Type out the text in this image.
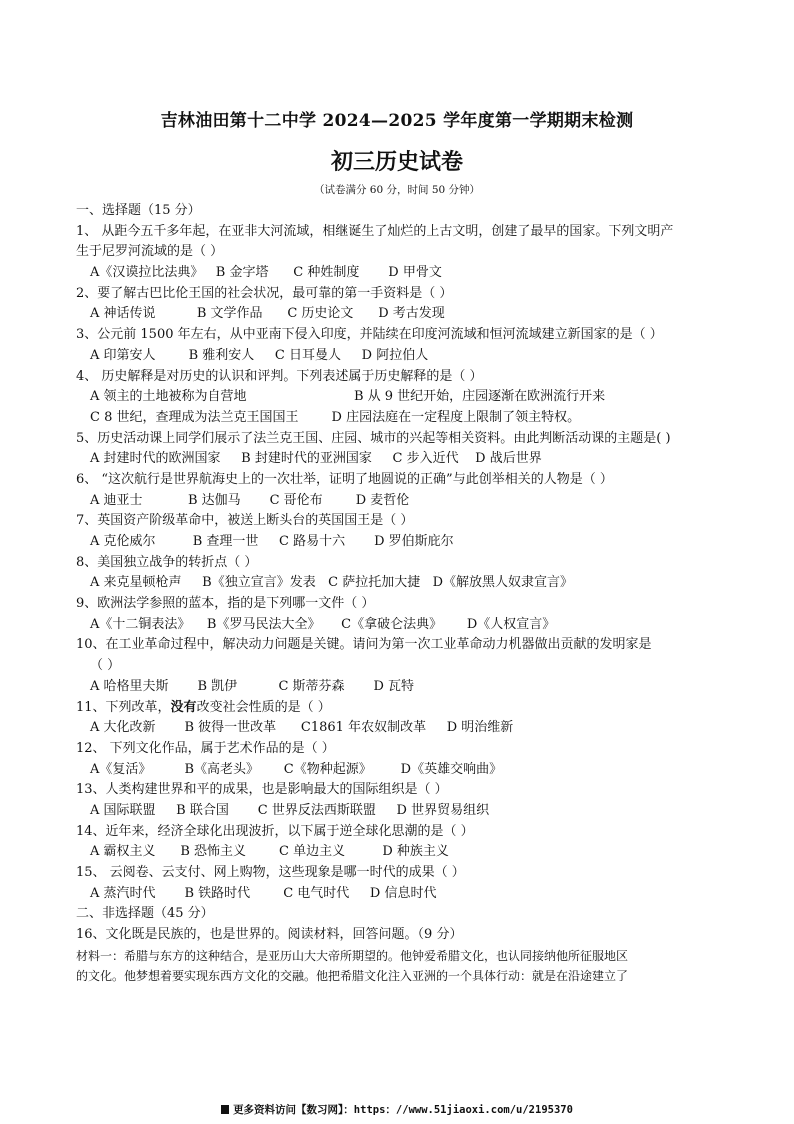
吉林油田第十二中学 2024—2025 学年度第一学期期末检测
初三历史试卷
（试卷满分 60 分，时间 50 分钟）
一、选择题（15 分）
1、 从距今五千多年起，在亚非大河流域，相继诞生了灿烂的上古文明，创建了最早的国家。下列文明产
生于尼罗河流域的是（ ）
A《汉谟拉比法典》   B 金字塔      C 种姓制度       D 甲骨文
2、要了解古巴比伦王国的社会状况，最可靠的第一手资料是（ ）
A 神话传说          B 文学作品      C 历史论文      D 考古发现
3、公元前 1500 年左右，从中亚南下侵入印度，并陆续在印度河流域和恒河流域建立新国家的是（ ）
A 印第安人        B 雅利安人     C 日耳曼人     D 阿拉伯人
4、 历史解释是对历史的认识和评判。下列表述属于历史解释的是（ ）
A 领主的土地被称为自营地                          B 从 9 世纪开始，庄园逐渐在欧洲流行开来
C 8 世纪，查理成为法兰克王国国王        D 庄园法庭在一定程度上限制了领主特权。
5、历史活动课上同学们展示了法兰克王国、庄园、城市的兴起等相关资料。由此判断活动课的主题是( )
A 封建时代的欧洲国家     B 封建时代的亚洲国家     C 步入近代    D 战后世界
6、 “这次航行是世界航海史上的一次壮举，证明了地圆说的正确”与此创举相关的人物是（ ）
A 迪亚士           B 达伽马       C 哥伦布        D 麦哲伦
7、英国资产阶级革命中，被送上断头台的英国国王是（ ）
A 克伦威尔         B 查理一世     C 路易十六       D 罗伯斯庇尔
8、美国独立战争的转折点（ ）
A 来克星顿枪声     B《独立宣言》发表   C 萨拉托加大捷   D《解放黑人奴隶宣言》
9、欧洲法学参照的蓝本，指的是下列哪一文件（ ）
A《十二铜表法》    B《罗马民法大全》     C《拿破仑法典》      D《人权宣言》
10、在工业革命过程中，解决动力问题是关键。请问为第一次工业革命动力机器做出贡献的发明家是
（ ）
A 哈格里夫斯       B 凯伊          C 斯蒂芬森       D 瓦特
11、下列改革，没有改变社会性质的是（ ）
A 大化改新       B 彼得一世改革      C1861 年农奴制改革     D 明治维新
12、 下列文化作品，属于艺术作品的是（ ）
A《复活》        B《高老头》      C《物种起源》       D《英雄交响曲》
13、人类构建世界和平的成果，也是影响最大的国际组织是（ ）
A 国际联盟     B 联合国       C 世界反法西斯联盟     D 世界贸易组织
14、近年来，经济全球化出现波折，以下属于逆全球化思潮的是（ ）
A 霸权主义      B 恐怖主义        C 单边主义         D 种族主义
15、 云阅卷、云支付、网上购物，这些现象是哪一时代的成果（ ）
A 蒸汽时代       B 铁路时代        C 电气时代     D 信息时代
二、非选择题（45 分）
16、文化既是民族的，也是世界的。阅读材料，回答问题。（9 分）
材料一：希腊与东方的这种结合，是亚历山大大帝所期望的。他钟爱希腊文化，也认同接纳他所征服地区
的文化。他梦想着要实现东西方文化的交融。他把希腊文化注入亚洲的一个具体行动：就是在沿途建立了
更多资料访问【数习网】：https：//www.51jiaoxi.com/u/2195370
